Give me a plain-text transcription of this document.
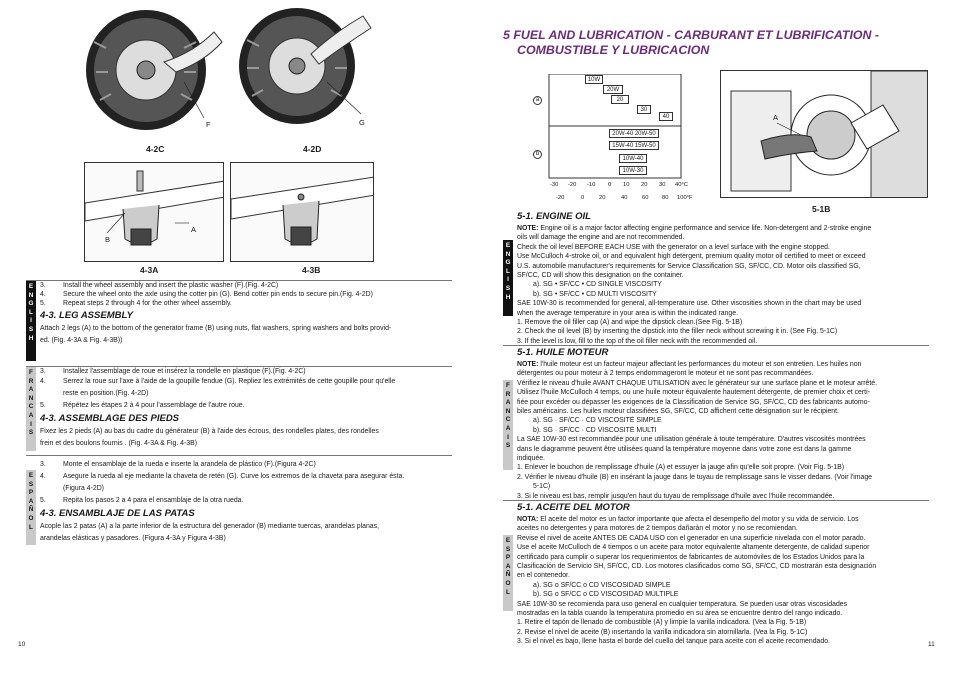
F
4-2C
G
4-2D
A
B
4-3A	4-3B
E
N
G
L
I
S
H
3.	Install the wheel assembly and insert the plastic washer (F).(Fig. 4-2C)
4.	Secure the wheel onto the axle using the cotter pin (G). Bend cotter pin ends to secure pin.(Fig. 4-2D)
5.	Repeat steps 2 through 4 for the other wheel assembly.
4-3. LEG ASSEMBLY
Attach 2 legs (A) to the bottom of the generator frame (B) using nuts, flat washers, spring washers and bolts provid-
ed. (Fig. 4-3A & Fig. 4-3B))
F
R
A
N
C
A
I
S
3.	Installez l'assemblage de roue et insérez la rondelle en plastique (F).(Fig. 4-2C)
4.	Serrez la roue sur l'axe à l'aide de la goupille fendue (G). Repliez les extrémités de cette goupille pour qu'elle
reste en position.(Fig. 4-2D)
5.	Répétez les étapes 2 à 4 pour l'assemblage de l'autre roue.
4-3. ASSEMBLAGE DES PIEDS
Fixez les 2 pieds (A) au bas du cadre du générateur (B) à l'aide des écrous, des rondelles plates, des rondelles
frein et des boulons fournis . (Fig. 4-3A & Fig. 4-3B)
E
S
P
A
Ñ
O
L
3.	Monte el ensamblaje de la rueda e inserte la arandela de plástico (F).(Figura 4-2C)
4.	Asegure la rueda al eje mediante la chaveta de retén (G). Curve los extremos de la chaveta para asegurar ésta.
(Figura 4-2D)
5.	Repita los pasos 2 a 4 para el ensamblaje de la otra rueda.
4-3. ENSAMBLAJE DE LAS PATAS
Acople las 2 patas (A) a la parte inferior de la estructura del generador (B) mediante tuercas, arandelas planas,
arandelas elásticas y pasadores. (Figura 4-3A y Figura 4-3B)
10
5 FUEL AND LUBRICATION - CARBURANT ET LUBRIFICATION -
COMBUSTIBLE Y LUBRICACION
a
b
10W
20W
20
30
40
20W-40 20W-50
15W-40 15W-50
10W-40
10W-30
-30 -20 -10 0 10 20 30 40°C
-20	0	20	40	60 80 100°F
A
5-1B
E
N
G
L
I
S
H
5-1. ENGINE OIL
NOTE: Engine oil is a major factor affecting engine performance and service life. Non-detergent and 2-stroke engine
oils will damage the engine and are not recommended.
Check the oil level BEFORE EACH USE with the generator on a level surface with the engine stopped.
Use McCulloch 4-stroke oil, or and equivalent high detergent, premium quality motor oil certified to meet or exceed
U.S. automobile manufacturer's requirements for Service Classification SG, SF/CC, CD. Motor oils classified SG,
SF/CC, CD will show this designation on the container.
a). SG • SF/CC • CD SINGLE VISCOSITY
b). SG • SF/CC • CD MULTI VISCOSITY
SAE 10W-30 is recommended for general, all-temperature use. Other viscosities shown in the chart may be used
when the average temperature in your area is within the indicated range.
1. Remove the oil filler cap (A) and wipe the dipstick clean.(See Fig. 5-1B)
2. Check the oil level (B) by inserting the dipstick into the filler neck without screwing it in. (See Fig. 5-1C)
3. If the level is low, fill to the top of the oil filler neck with the recommended oil.
F
R
A
N
C
A
I
S
5-1. HUILE MOTEUR
NOTE: l'huile moteur est un facteur majeur affectant les performances du moteur et son entretien. Les huiles non
détergentes ou pour moteur à 2 temps endommageront le moteur et ne sont pas recommandées.
Vérifiez le niveau d'huile AVANT CHAQUE UTILISATION avec le générateur sur une surface plane et le moteur arrêté.
Utilisez l'huile McCulloch 4 temps, ou une huile moteur équivalente hautement détergente, de premier choix et certi-
fiée pour excéder ou dépasser les exigences de la Classification de Service SG, SF/CC, CD des fabricants automo-
biles américains. Les huiles moteur classifiées SG, SF/CC, CD affichent cette désignation sur le récipient.
a). SG · SF/CC · CD VISCOSITÉ SIMPLE
b). SG · SF/CC · CD VISCOSITÉ MULTI
La SAE 10W-30 est recommandée pour une utilisation générale à toute température. D'autres viscosités montrées
dans le diagramme peuvent être utilisées quand la température moyenne dans votre zone est dans la gamme
indiquée.
1. Enlever le bouchon de remplissage d'huile (A) et essuyer la jauge afin qu'elle soit propre. (Voir Fig. 5-1B)
2. Vérifier le niveau d'huile (B) en insérant la jauge dans le tuyau de remplissage sans le visser dedans. (Voir l'image
5-1C)
3. Si le niveau est bas, remplir jusqu'en haut du tuyau de remplissage d'huile avec l'huile recommandée.
E
S
P
A
Ñ
O
L
5-1. ACEITE DEL MOTOR
NOTA: El aceite del motor es un factor importante que afecta el desempeño del motor y su vida de servicio. Los
aceites no detergentes y para motores de 2 tiempos dañarán el motor y no se recomiendan.
Revise el nivel de aceite ANTES DE CADA USO con el generador en una superficie nivelada con el motor parado.
Use el aceite McCulloch de 4 tiempos o un aceite para motor equivalente altamente detergente, de calidad superior
certificado para cumplir o superar los requerimientos de fabricantes de automóviles de los Estados Unidos para la
Clasificación de Servicio SH, SF/CC, CD. Los motores clasificados como SG, SF/CC, CD mostrarán esta designación
en el contenedor.
a). SG o SF/CC o CD VISCOSIDAD SIMPLE
b). SG o SF/CC o CD VISCOSIDAD MÚLTIPLE
SAE 10W-30 se recomienda para uso general en cualquier temperatura. Se pueden usar otras viscosidades
mostradas en la tabla cuando la temperatura promedio en su área se encuentre dentro del rango indicado.
1. Retire el tapón de llenado de combustible (A) y limpie la varilla indicadora. (Vea la Fig. 5-1B)
2. Revise el nivel de aceite (B) insertando la varilla indicadora sin atornillarla. (Vea la Fig. 5-1C)
3. Si el nivel es bajo, llene hasta el borde del cuello del tanque para aceite con el aceite recomendado.	11
